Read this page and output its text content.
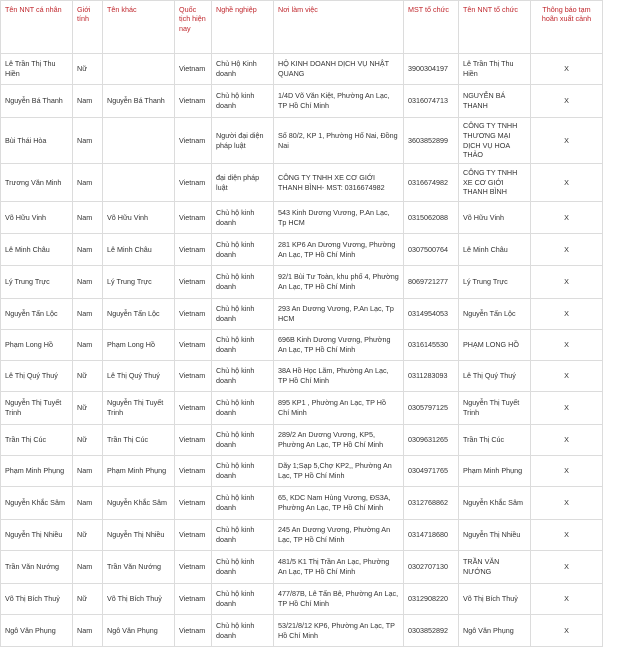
Tên NNT cá nhân	Giới tính	Tên khác	Quốc tịch hiện nay	Nghề nghiệp	Nơi làm việc	MST tổ chức	Tên NNT tổ chức	Thông báo tạm hoãn xuất cảnh
Lê Trần Thị Thu Hiền	Nữ		Vietnam	Chủ Hộ Kinh doanh	HỘ KINH DOANH DỊCH VỤ NHẬT QUANG	3900304197	Lê Trần Thị Thu Hiền	X
Nguyễn Bá Thanh	Nam	Nguyễn Bá Thanh	Vietnam	Chủ hộ kinh doanh	1/4D Võ Văn Kiệt, Phường An Lạc, TP Hồ Chí Minh	0316074713	NGUYỄN BÁ THANH	X
Bùi Thái Hòa	Nam		Vietnam	Người đại diện pháp luật	Số 80/2, KP 1, Phường Hố Nai, Đồng Nai	3603852899	CÔNG TY TNHH THƯƠNG MẠI DỊCH VỤ HOA THẢO	X
Trương Văn Minh	Nam		Vietnam	đại diện pháp luật	CÔNG TY TNHH XE CƠ GIỚI THANH BÌNH- MST: 0316674982	0316674982	CÔNG TY TNHH XE CƠ GIỚI THANH BÌNH	X
Võ Hữu Vinh	Nam	Võ Hữu Vinh	Vietnam	Chủ hộ kinh doanh	543 Kinh Dương Vương, P.An Lạc, Tp HCM	0315062088	Võ Hữu Vinh	X
Lê Minh Châu	Nam	Lê Minh Châu	Vietnam	Chủ hộ kinh doanh	281 KP6 An Dương Vương, Phường An Lạc, TP Hồ Chí Minh	0307500764	Lê Minh Châu	X
Lý Trung Trực	Nam	Lý Trung Trực	Vietnam	Chủ hộ kinh doanh	92/1 Bùi Tư Toàn, khu phố 4, Phường An Lạc, TP Hồ Chí Minh	8069721277	Lý Trung Trực	X
Nguyễn Tấn Lộc	Nam	Nguyễn Tấn Lộc	Vietnam	Chủ hộ kinh doanh	293 An Dương Vương, P.An Lạc, Tp HCM	0314954053	Nguyễn Tấn Lộc	X
Phạm Long Hồ	Nam	Phạm Long Hồ	Vietnam	Chủ hộ kinh doanh	696B Kinh Dương Vương, Phường An Lạc, TP Hồ Chí Minh	0316145530	PHẠM LONG HỒ	X
Lê Thị Quý Thuý	Nữ	Lê Thị Quý Thuý	Vietnam	Chủ hộ kinh doanh	38A Hồ Học Lãm, Phường An Lạc, TP Hồ Chí Minh	0311283093	Lê Thị Quý Thuý	X
Nguyễn Thị Tuyết Trinh	Nữ	Nguyễn Thị Tuyết Trinh	Vietnam	Chủ hộ kinh doanh	895 KP1 , Phường An Lạc, TP Hồ Chí Minh	0305797125	Nguyễn Thị Tuyết Trinh	X
Trần Thị Cúc	Nữ	Trần Thị Cúc	Vietnam	Chủ hộ kinh doanh	289/2 An Dương Vương, KP5, Phường An Lạc, TP Hồ Chí Minh	0309631265	Trần Thị Cúc	X
Phạm Minh Phụng	Nam	Phạm Minh Phụng	Vietnam	Chủ hộ kinh doanh	Dãy 1;Sạp 5,Chợ KP2,, Phường An Lạc, TP Hồ Chí Minh	0304971765	Phạm Minh Phụng	X
Nguyễn Khắc Sâm	Nam	Nguyễn Khắc Sâm	Vietnam	Chủ hộ kinh doanh	65, KDC Nam Hùng Vương, ĐS3A, Phường An Lạc, TP Hồ Chí Minh	0312768862	Nguyễn Khắc Sâm	X
Nguyễn Thị Nhiều	Nữ	Nguyễn Thị Nhiều	Vietnam	Chủ hộ kinh doanh	245 An Dương Vương, Phường An Lạc, TP Hồ Chí Minh	0314718680	Nguyễn Thị Nhiều	X
Trần Văn Nướng	Nam	Trần Văn Nướng	Vietnam	Chủ hộ kinh doanh	481/5 K1 Thị Trần An Lạc, Phường An Lạc, TP Hồ Chí Minh	0302707130	TRẦN VĂN NƯỚNG	X
Võ Thị Bích Thuỷ	Nữ	Võ Thị Bích Thuỷ	Vietnam	Chủ hộ kinh doanh	477/87B, Lê Tấn Bê, Phường An Lạc, TP Hồ Chí Minh	0312908220	Võ Thị Bích Thuỷ	X
Ngô Văn Phụng	Nam	Ngô Văn Phụng	Vietnam	Chủ hộ kinh doanh	53/21/8/12 KP6, Phường An Lạc, TP Hồ Chí Minh	0303852892	Ngô Văn Phụng	X
